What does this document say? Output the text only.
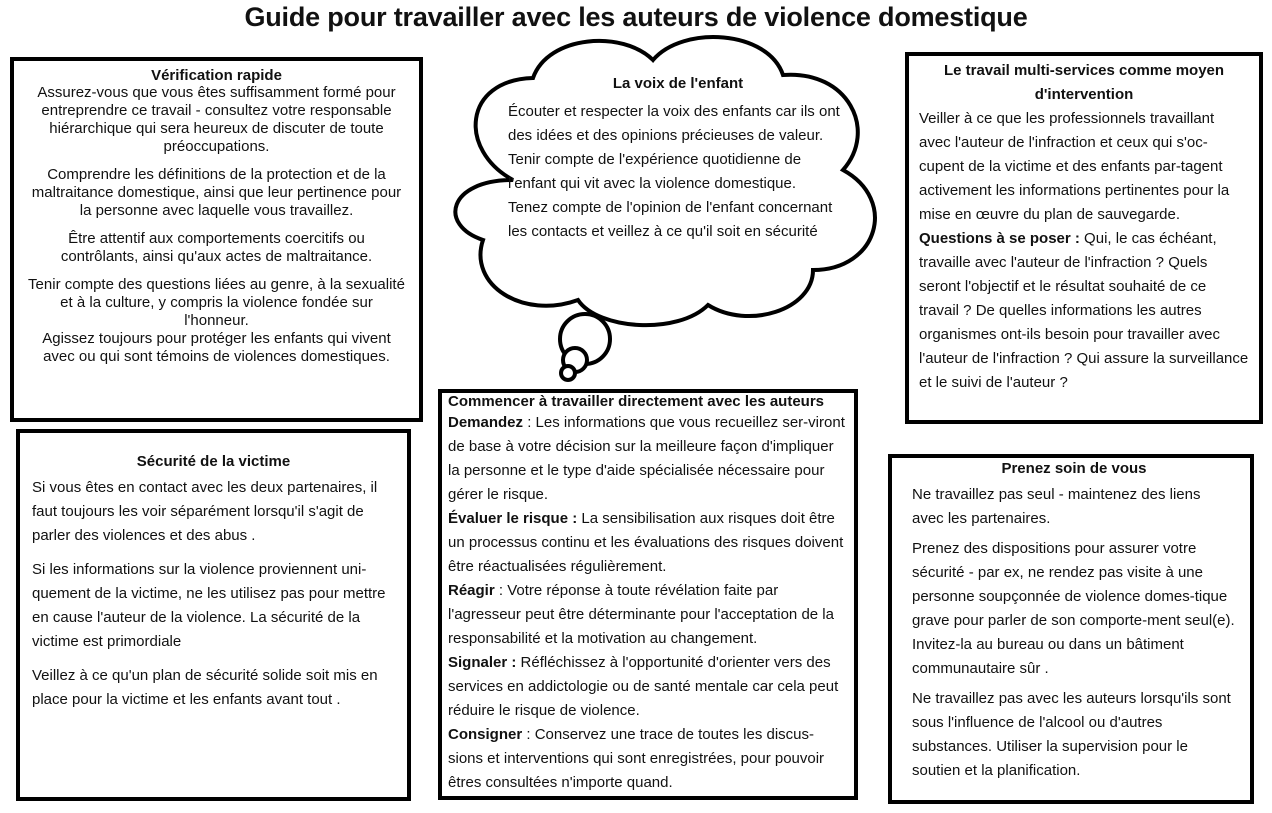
Guide pour travailler avec les auteurs de violence domestique
Vérification rapide
Assurez-vous que vous êtes suffisamment formé pour entreprendre ce travail - consultez votre responsable hiérarchique qui sera heureux de discuter de toute préoccupations.
Comprendre les définitions de la protection et de la maltraitance domestique, ainsi que leur pertinence pour la personne avec laquelle vous travaillez.
Être attentif aux comportements coercitifs ou contrôlants, ainsi qu'aux actes de maltraitance.
Tenir compte des questions liées au genre, à la sexualité et à la culture, y compris la violence fondée sur l'honneur.
Agissez toujours pour protéger les enfants qui vivent avec ou qui sont témoins de violences domestiques.
La voix de l'enfant
Écouter et respecter la voix des enfants car ils ont des idées et des opinions précieuses de valeur.
Tenir compte de l'expérience quotidienne de l'enfant qui vit avec la violence domestique.
Tenez compte de l'opinion de l'enfant concernant les contacts et veillez à ce qu'il soit en sécurité
Le travail multi-services comme moyen d'intervention
Veiller à ce que les professionnels travaillant avec l'auteur de l'infraction et ceux qui s'oc-cupent de la victime et des enfants par-tagent activement les informations pertinentes pour la mise en œuvre du plan de sauvegarde.
Questions à se poser : Qui, le cas échéant, travaille avec l'auteur de l'infraction ? Quels seront l'objectif et le résultat souhaité de ce travail ? De quelles informations les autres organismes ont-ils besoin pour travailler avec l'auteur de l'infraction ? Qui assure la surveillance et le suivi de l'auteur ?
Sécurité de la victime
Si vous êtes en contact avec les deux partenaires, il faut toujours les voir séparément lorsqu'il s'agit de parler des violences et des abus .
Si les informations sur la violence proviennent uni-quement de la victime, ne les utilisez pas pour mettre en cause l'auteur de la violence. La sécurité de la victime est primordiale
Veillez à ce qu'un plan de sécurité solide soit mis en place pour la victime et les enfants avant tout .
Commencer à travailler directement avec les auteurs
Demandez : Les informations que vous recueillez ser-viront de base à votre décision sur la meilleure façon d'impliquer la personne et le type d'aide spécialisée nécessaire pour gérer le risque.
Évaluer le risque : La sensibilisation aux risques doit être un processus continu et les évaluations des risques doivent être réactualisées régulièrement.
Réagir : Votre réponse à toute révélation faite par l'agresseur peut être déterminante pour l'acceptation de la responsabilité et la motivation au changement.
Signaler : Réfléchissez à l'opportunité d'orienter vers des services en addictologie ou de santé mentale car cela peut réduire le risque de violence.
Consigner : Conservez une trace de toutes les discus-sions et interventions qui sont enregistrées, pour pouvoir êtres consultées n'importe quand.
Prenez soin de vous
Ne travaillez pas seul - maintenez des liens avec les partenaires.
Prenez des dispositions pour assurer votre sécurité - par ex, ne rendez pas visite à une personne soupçonnée de violence domes-tique grave pour parler de son comporte-ment seul(e). Invitez-la au bureau ou dans un bâtiment communautaire sûr .
Ne travaillez pas avec les auteurs lorsqu'ils sont sous l'influence de l'alcool ou d'autres substances. Utiliser la supervision pour le soutien et la planification.
